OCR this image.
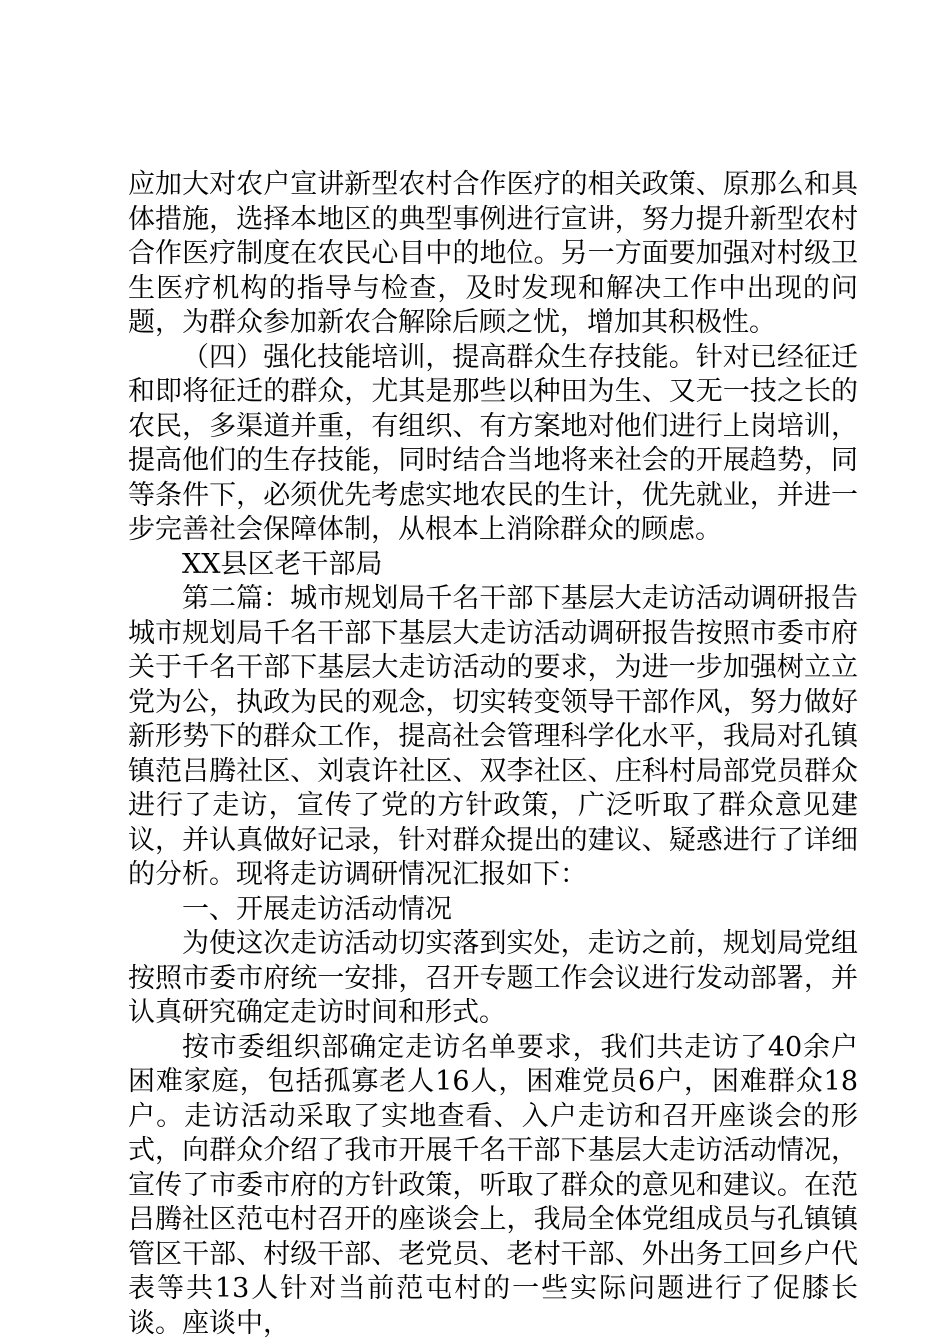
应加大对农户宣讲新型农村合作医疗的相关政策、原那么和具体措施，选择本地区的典型事例进行宣讲，努力提升新型农村合作医疗制度在农民心目中的地位。另一方面要加强对村级卫生医疗机构的指导与检查，及时发现和解决工作中出现的问题，为群众参加新农合解除后顾之忧，增加其积极性。

（四）强化技能培训，提高群众生存技能。针对已经征迁和即将征迁的群众，尤其是那些以种田为生、又无一技之长的农民，多渠道并重，有组织、有方案地对他们进行上岗培训，提高他们的生存技能，同时结合当地将来社会的开展趋势，同等条件下，必须优先考虑实地农民的生计，优先就业，并进一步完善社会保障体制，从根本上消除群众的顾虑。

XX县区老干部局

第二篇：城市规划局千名干部下基层大走访活动调研报告城市规划局千名干部下基层大走访活动调研报告按照市委市府关于千名干部下基层大走访活动的要求，为进一步加强树立立党为公，执政为民的观念，切实转变领导干部作风，努力做好新形势下的群众工作，提高社会管理科学化水平，我局对孔镇镇范吕腾社区、刘袁许社区、双李社区、庄科村局部党员群众进行了走访，宣传了党的方针政策，广泛听取了群众意见建议，并认真做好记录，针对群众提出的建议、疑惑进行了详细的分析。现将走访调研情况汇报如下：

一、开展走访活动情况

为使这次走访活动切实落到实处，走访之前，规划局党组按照市委市府统一安排，召开专题工作会议进行发动部署，并认真研究确定走访时间和形式。

按市委组织部确定走访名单要求，我们共走访了40余户困难家庭，包括孤寡老人16人，困难党员6户，困难群众18户。走访活动采取了实地查看、入户走访和召开座谈会的形式，向群众介绍了我市开展千名干部下基层大走访活动情况，宣传了市委市府的方针政策，听取了群众的意见和建议。在范吕腾社区范屯村召开的座谈会上，我局全体党组成员与孔镇镇管区干部、村级干部、老党员、老村干部、外出务工回乡户代表等共13人针对当前范屯村的一些实际问题进行了促膝长谈。座谈中，
